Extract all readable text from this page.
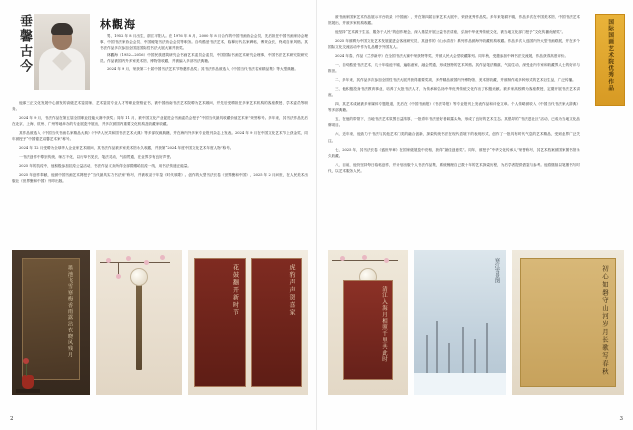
垂馨古今	林觀海

男，1952 年 8 月出生，浙江平阳人。在 1976 年 8 月，2000 年 8 月合作的中国书画协会会员，先后担任中国书画家协会理事、中国书法家协会会员、中国硬笔书法协会会员等职务。自幼酷爱书法艺术，临摹历代名家碑帖，博采众长，终成自家风格。其书法作品多次参加全国及国际性书法大展大赛并获奖。

林觀海（1952—2016）中国民族建筑研究会书画艺术委员会委员，中国国际书画艺术研究会理事，中国书法艺术研究院研究员。作品被国内外多家美术馆、博物馆收藏，并被编入多部书法典籍。

2024 年 9 月，荣获第二十届中国书法艺术节特邀作品奖；其书法作品被选入《中国当代书法名家精品集》等大型典籍。

他那三正文化发展中心颁发的高级艺术鉴赏师、艺术鉴赏专业人才等职业资格证书，被中国西南书法艺术院聘为艺术顾问，并先后受聘担任多家艺术机构的客座教授、学术委员等职务。

2024 年 9 月，书法作品在第五届全国职业技能大赛中获奖；同年 11 月，被中国文化产业促进会书画委员会授予“中国当代最具收藏价值艺术家”荣誉称号。多年来，其书法作品先后在北京、上海、杭州、广州等地举办的专业展览中展出，并多次被国内重要文化机构及收藏家收藏。

其作品被选入《中国当代书画名家精品大典》《中华人民共和国书法艺术大典》等多部权威典籍，并在海内外多家专业报刊杂志上发表。2024 年 9 月在中国文化艺术节上获金奖，同年被授予“中国德艺双馨艺术家”称号。

2024 年 12 月受聘为全球华人企业家艺术顾问，其书法作品被多家美术馆永久收藏，并获第“2024 年度中国文化艺术年度人物”称号。

一书法创作中尊崇传统、师古不化，以行草书见长，笔法灵动，气韵贯通，在业界享有良好声誉。

2025 年的抗疫中，他积极参加抗疫公益活动，书法作品义卖所得全部捐赠给抗疫一线，用书法传递正能量。

2025 年创作奉献，他被中国书画艺术网授予“当代最具实力书法家”称号，并被收录于年鉴《时代颂歌》。创作的大型书法长卷《世界聚和中国》，2025 年 2 月问世，在人民美术出版社《世界聚和中国》刊印出版。

墨池飞雪寒梅香雨露沾衣晓风残月	花鼓翻开新时节	虎豹声声贺喜家
2

被书画家国家艺术作品展示平台收录（中国画），并在第四届百家艺术大展中，荣获优秀作品奖。多年来笔耕不辍，作品多次在中国美术馆、中国书法艺术馆展出，并被多家机构收藏。

他坚持“艺术源于生活、服务于人民”的创作理念，深入基层开展公益书法讲座，弘扬中华优秀传统文化，被当地文化部门授予“文化传播贡献奖”。

2025 年被聘为中国文化艺术发展促进会客座研究员，其创作的《山水清音》系列作品被海外收藏机构收藏。作品多次入选国内外大型书画联展，并在多个国际文化交流活动中作为礼品赠予外国友人。

2024 年春，作品《兰亭新序》在全国书法大赛中荣获特等奖，并被人民大会堂收藏陈列。同年秋，受邀参加中韩书法交流展，作品获得高度评价。

一、自幼酷爱书法艺术，几十年临池不辍，遍临诸家，融会贯通，形成独特的艺术风格。其作品笔法精湛，气韵生动，深受业内专家和收藏界人士的好评与推崇。

二、多年来，其作品多次参加全国性书法大展并获得重要奖项，多件精品被国内外博物馆、美术馆收藏，并被制作成多种形式的艺术衍生品，广泛传播。

三、他积极投身书法教育事业，培养了大批书法人才，为传承和弘扬中华优秀传统文化作出了积极贡献。被多家高校聘为客座教授，定期开展书法艺术讲座。

四、其艺术成就被多家媒体专题报道，先后在《中国书画报》《书法导报》等专业报刊上发表作品和评论文章。个人传略被收入《中国当代书法家大辞典》等多部典籍。

五、在他的带领下，当地书法艺术氛围日益浓厚，一批青年书法爱好者崭露头角，形成了良好的艺术生态。其倡导的“书法进社区”活动，已成为当地文化品牌项目。

六、近年来，他致力于书法与其他艺术门类的融合创新，探索传统书法在现代语境下的表现形式，创作了一批具有时代气息的艺术精品，受到业界广泛关注。

七、2025 年，其书法长卷《盛世华章》在国家级展览中亮相，获得“最佳创意奖”。同年，被授予“中华文化传承人”荣誉称号，其艺术档案被国家图书馆永久收藏。

八、目前，他仍坚持每日临帖创作，并计划出版个人书法作品集，系统梳理自己数十年的艺术探索历程，为后学者提供借鉴与参考。他将继续以笔墨书写时代，以艺术服务人民。

国际国画艺术院优秀作品
清江入海月相照千里共此时
寒江雪景图	初心如磐守山河岁月长歌写春秋
3
